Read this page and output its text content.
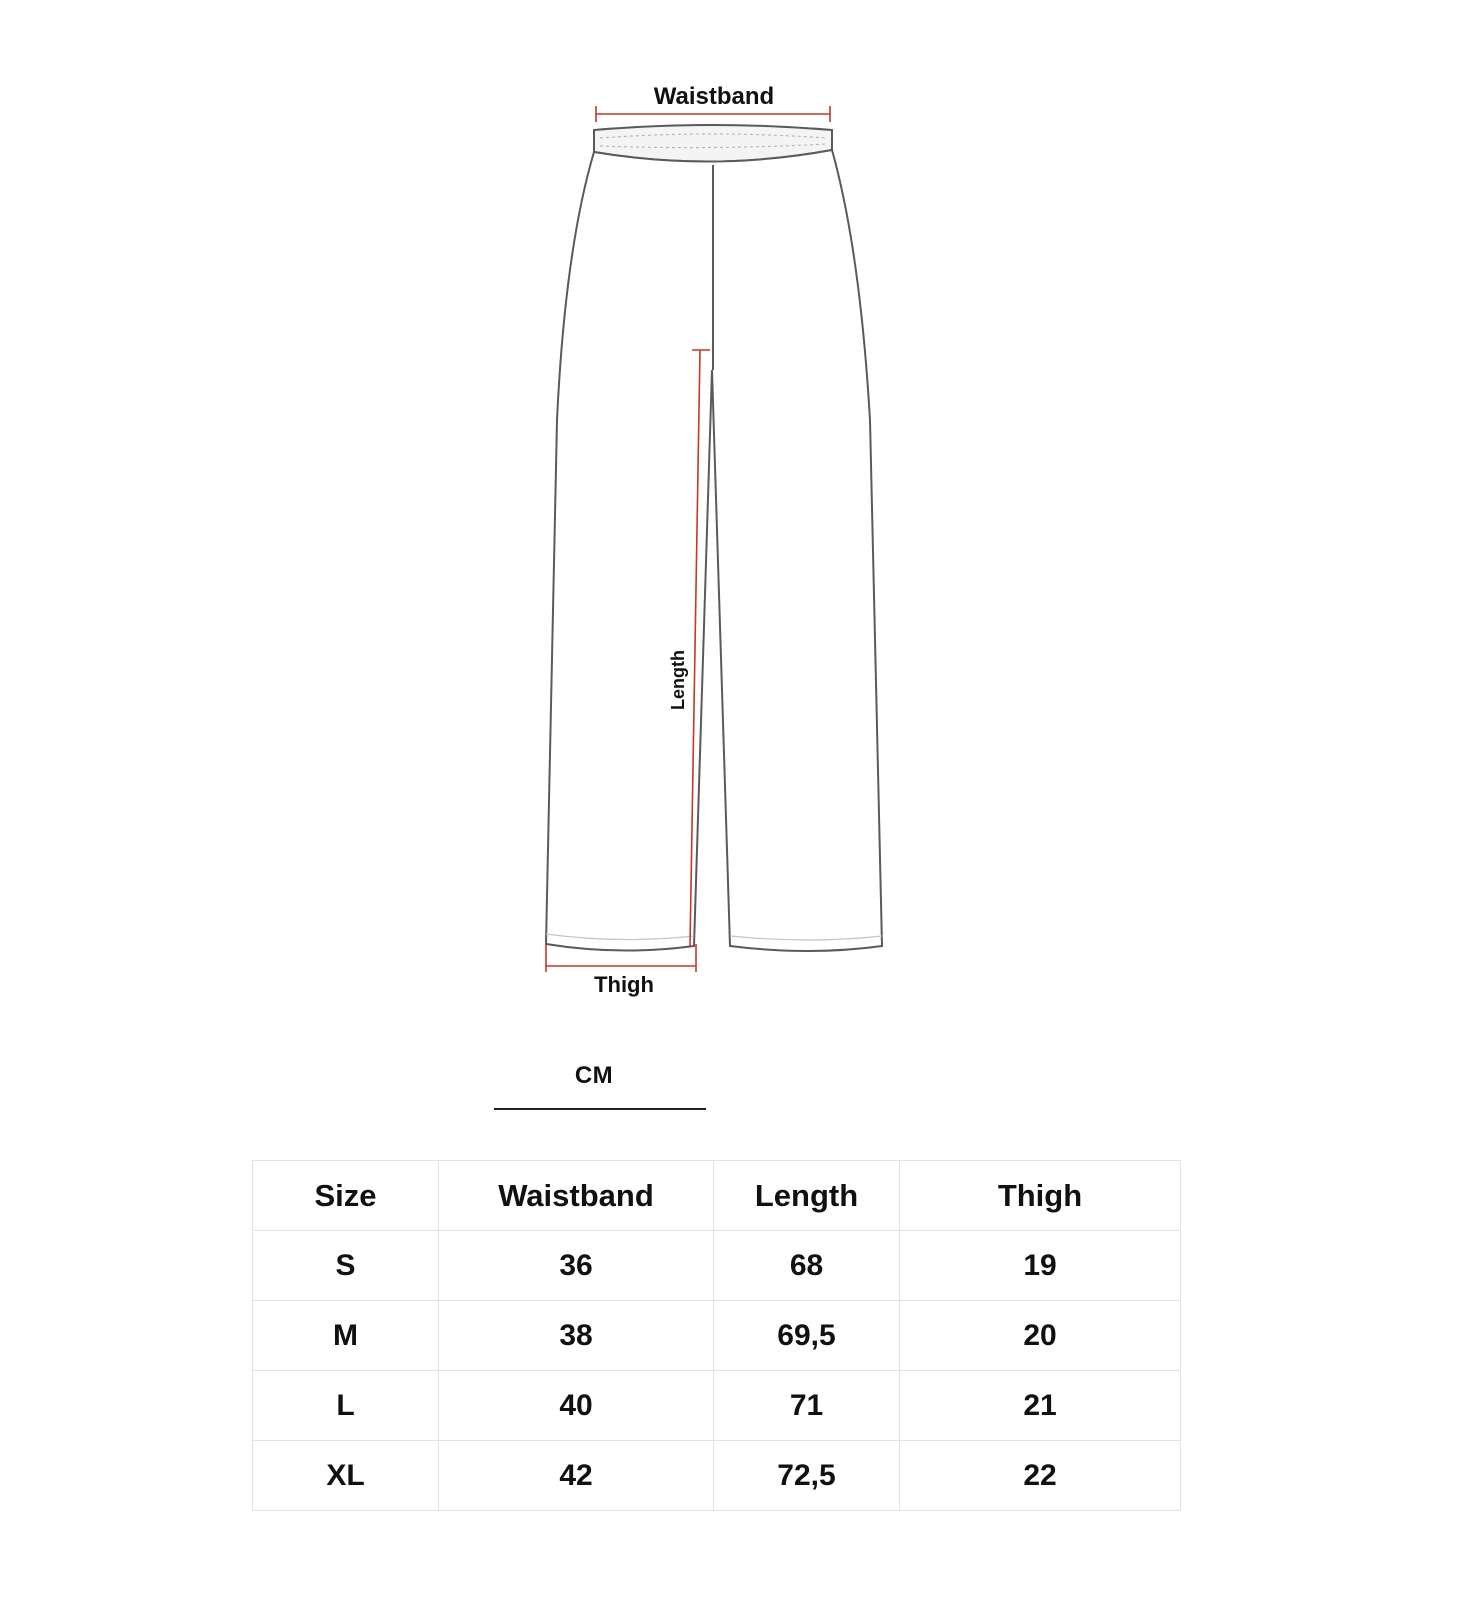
Waistband
Length
Thigh
CM
Size	Waistband	Length	Thigh
S	36	68	19
M	38	69,5	20
L	40	71	21
XL	42	72,5	22
